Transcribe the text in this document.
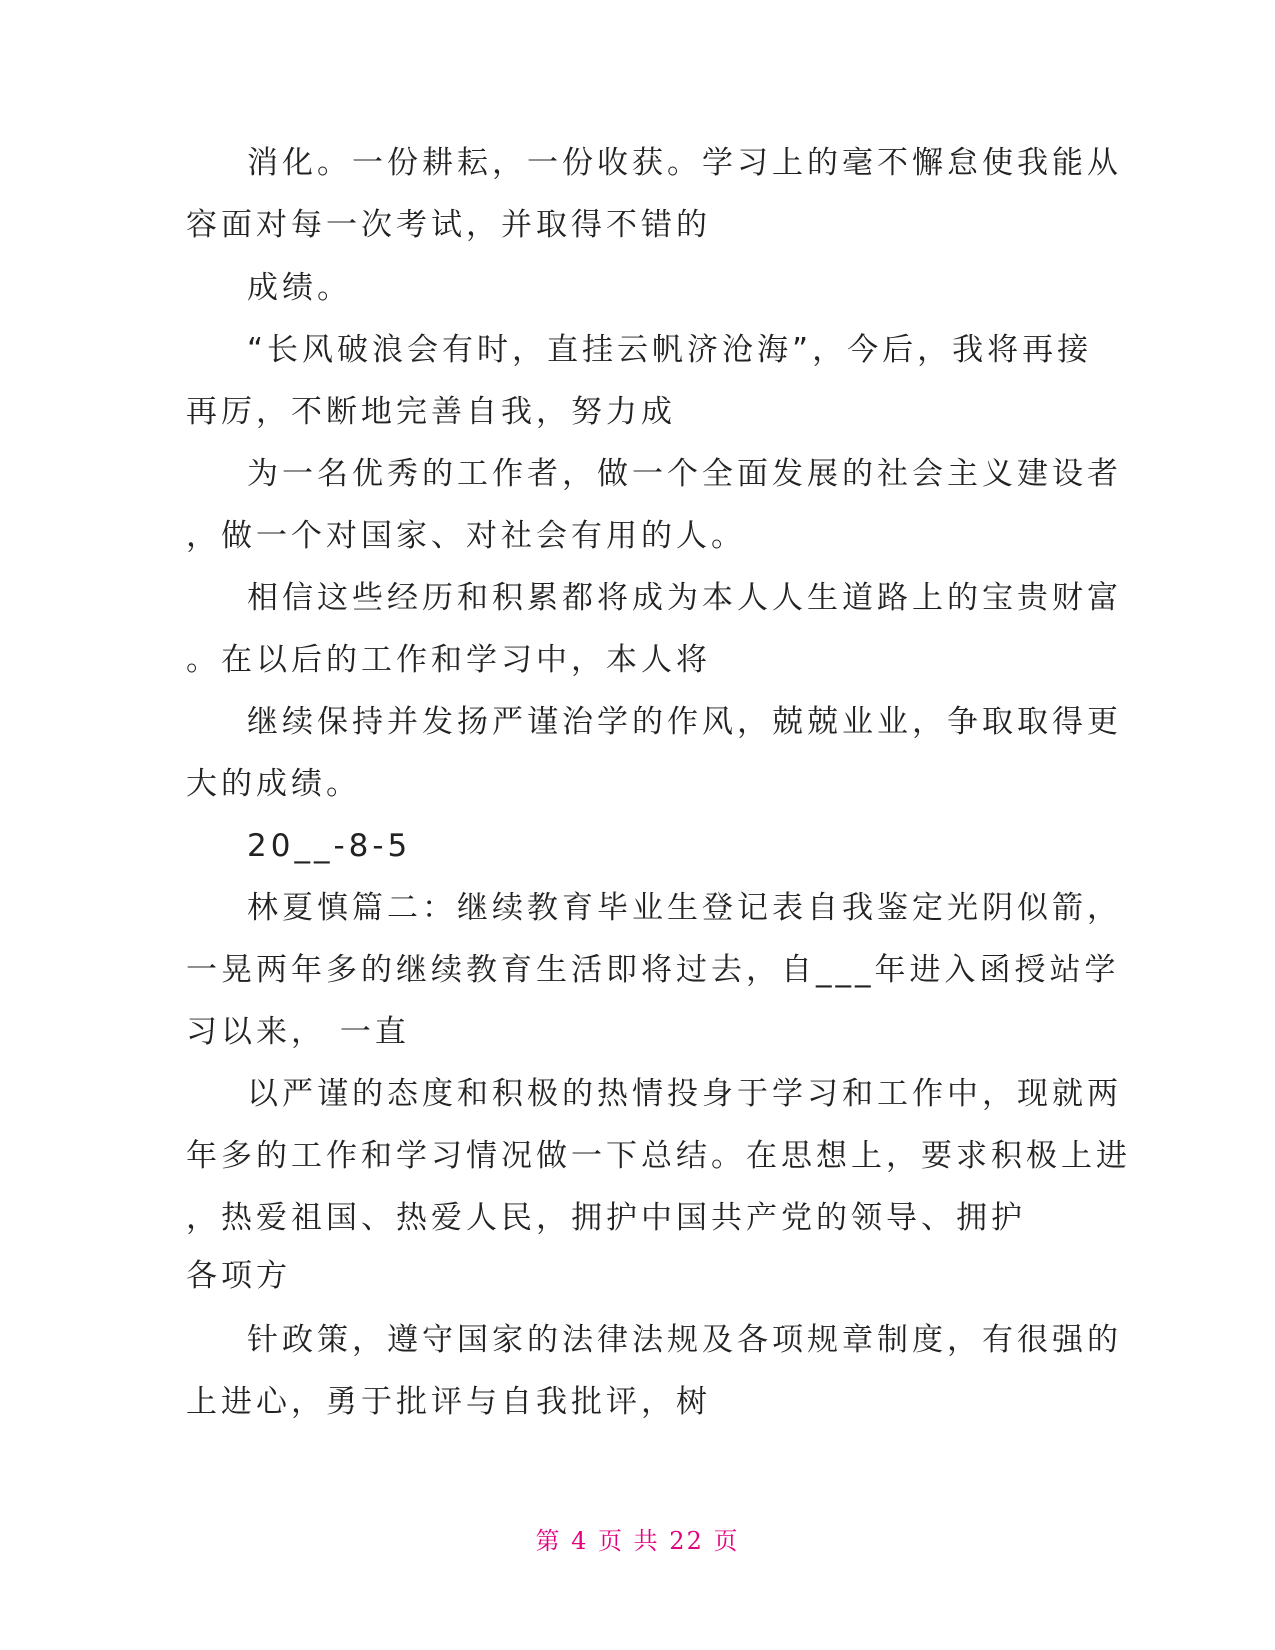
消化。一份耕耘，一份收获。学习上的毫不懈怠使我能从
容面对每一次考试，并取得不错的
成绩。
“长风破浪会有时，直挂云帆济沧海”，今后，我将再接
再厉，不断地完善自我，努力成
为一名优秀的工作者，做一个全面发展的社会主义建设者
，做一个对国家、对社会有用的人。
相信这些经历和积累都将成为本人人生道路上的宝贵财富
。在以后的工作和学习中，本人将
继续保持并发扬严谨治学的作风，兢兢业业，争取取得更
大的成绩。
20__-8-5
林夏慎篇二：继续教育毕业生登记表自我鉴定光阴似箭，
一晃两年多的继续教育生活即将过去，自___年进入函授站学
习以来， 一直
以严谨的态度和积极的热情投身于学习和工作中，现就两
年多的工作和学习情况做一下总结。在思想上，要求积极上进
，热爱祖国、热爱人民，拥护中国共产党的领导、拥护
各项方
针政策，遵守国家的法律法规及各项规章制度，有很强的
上进心，勇于批评与自我批评，树
第 4 页 共 22 页
